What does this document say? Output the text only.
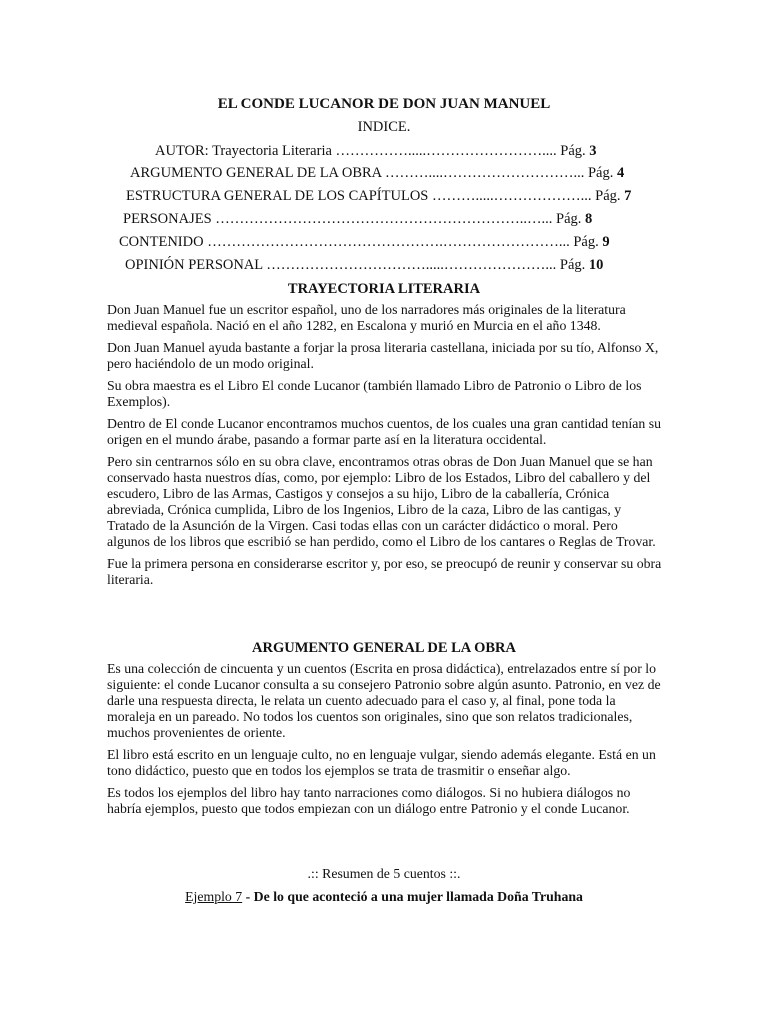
EL CONDE LUCANOR DE DON JUAN MANUEL
INDICE.
AUTOR: Trayectoria Literaria …………….....…………………….... Pág. 3
ARGUMENTO GENERAL DE LA OBRA ………....………………………... Pág. 4
ESTRUCTURA GENERAL DE LOS CAPÍTULOS ……….....………………... Pág. 7
PERSONAJES ………………………………………………………..…... Pág. 8
CONTENIDO ………………………………………….……………………... Pág. 9
OPINIÓN PERSONAL …………………………….....…………………... Pág. 10
TRAYECTORIA LITERARIA

Don Juan Manuel fue un escritor español, uno de los narradores más originales de la literatura medieval española. Nació en el año 1282, en Escalona y murió en Murcia en el año 1348.

Don Juan Manuel ayuda bastante a forjar la prosa literaria castellana, iniciada por su tío, Alfonso X, pero haciéndolo de un modo original.

Su obra maestra es el Libro El conde Lucanor (también llamado Libro de Patronio o Libro de los Exemplos).

Dentro de El conde Lucanor encontramos muchos cuentos, de los cuales una gran cantidad tenían su origen en el mundo árabe, pasando a formar parte así en la literatura occidental.

Pero sin centrarnos sólo en su obra clave, encontramos otras obras de Don Juan Manuel que se han conservado hasta nuestros días, como, por ejemplo: Libro de los Estados, Libro del caballero y del escudero, Libro de las Armas, Castigos y consejos a su hijo, Libro de la caballería, Crónica abreviada, Crónica cumplida, Libro de los Ingenios, Libro de la caza, Libro de las cantigas, y Tratado de la Asunción de la Virgen. Casi todas ellas con un carácter didáctico o moral. Pero algunos de los libros que escribió se han perdido, como el Libro de los cantares o Reglas de Trovar.

Fue la primera persona en considerarse escritor y, por eso, se preocupó de reunir y conservar su obra literaria.

ARGUMENTO GENERAL DE LA OBRA

Es una colección de cincuenta y un cuentos (Escrita en prosa didáctica), entrelazados entre sí por lo siguiente: el conde Lucanor consulta a su consejero Patronio sobre algún asunto. Patronio, en vez de darle una respuesta directa, le relata un cuento adecuado para el caso y, al final, pone toda la moraleja en un pareado. No todos los cuentos son originales, sino que son relatos tradicionales, muchos provenientes de oriente.

El libro está escrito en un lenguaje culto, no en lenguaje vulgar, siendo además elegante. Está en un tono didáctico, puesto que en todos los ejemplos se trata de trasmitir o enseñar algo.

Es todos los ejemplos del libro hay tanto narraciones como diálogos. Si no hubiera diálogos no habría ejemplos, puesto que todos empiezan con un diálogo entre Patronio y el conde Lucanor.

.:: Resumen de 5 cuentos ::.
Ejemplo 7 - De lo que aconteció a una mujer llamada Doña Truhana
